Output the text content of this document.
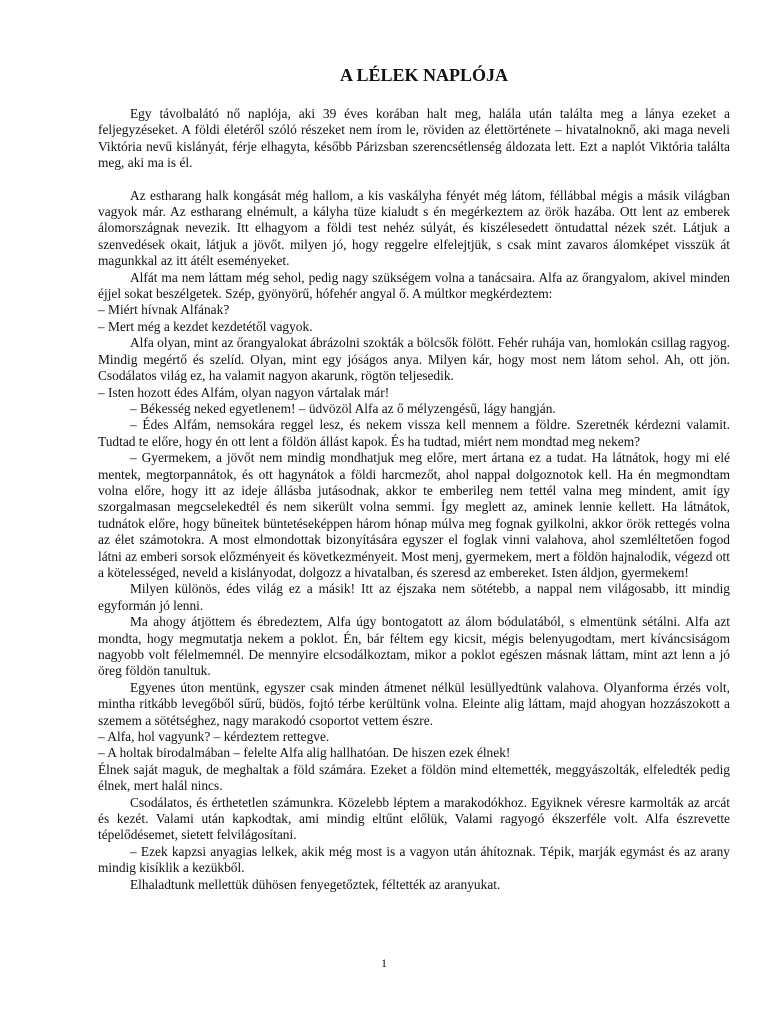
A LÉLEK NAPLÓJA

Egy távolbalátó nő naplója, aki 39 éves korában halt meg, halála után találta meg a lánya ezeket a feljegyzéseket. A földi életéről szóló részeket nem írom le, röviden az élettörténete – hivatalnoknő, aki maga neveli Viktória nevű kislányát, férje elhagyta, később Párizsban szerencsétlenség áldozata lett. Ezt a naplót Viktória találta meg, aki ma is él.

Az estharang halk kongását még hallom, a kis vaskályha fényét még látom, féllábbal mégis a másik világban vagyok már. Az estharang elnémult, a kályha tüze kialudt s én megérkeztem az örök hazába. Ott lent az emberek álomországnak nevezik. Itt elhagyom a földi test nehéz súlyát, és kiszélesedett öntudattal nézek szét. Látjuk a szenvedések okait, látjuk a jövőt. milyen jó, hogy reggelre elfelejtjük, s csak mint zavaros álomképet visszük át magunkkal az itt átélt eseményeket.

Alfát ma nem láttam még sehol, pedig nagy szükségem volna a tanácsaira. Alfa az őrangyalom, akivel minden éjjel sokat beszélgetek. Szép, gyönyörű, hófehér angyal ő. A múltkor megkérdeztem:

– Miért hívnak Alfának?

– Mert még a kezdet kezdetétől vagyok.

Alfa olyan, mint az őrangyalokat ábrázolni szokták a bölcsők fölött. Fehér ruhája van, homlokán csillag ragyog. Mindig megértő és szelíd. Olyan, mint egy jóságos anya. Milyen kár, hogy most nem látom sehol. Ah, ott jön. Csodálatos világ ez, ha valamit nagyon akarunk, rögtön teljesedik.

– Isten hozott édes Alfám, olyan nagyon vártalak már!

– Békesség neked egyetlenem! – üdvözöl Alfa az ő mélyzengésű, lágy hangján.

– Édes Alfám, nemsokára reggel lesz, és nekem vissza kell mennem a földre. Szeretnék kérdezni valamit. Tudtad te előre, hogy én ott lent a földön állást kapok. És ha tudtad, miért nem mondtad meg nekem?

– Gyermekem, a jövőt nem mindig mondhatjuk meg előre, mert ártana ez a tudat. Ha látnátok, hogy mi elé mentek, megtorpannátok, és ott hagynátok a földi harcmezőt, ahol nappal dolgoznotok kell. Ha én megmondtam volna előre, hogy itt az ideje állásba jutásodnak, akkor te emberileg nem tettél valna meg mindent, amit így szorgalmasan megcselekedtél és nem sikerült volna semmi. Így meglett az, aminek lennie kellett. Ha látnátok, tudnátok előre, hogy bűneitek büntetéseképpen három hónap múlva meg fognak gyilkolni, akkor örök rettegés volna az élet számotokra. A most elmondottak bizonyítására egyszer el foglak vinni valahova, ahol szemléltetően fogod látni az emberi sorsok előzményeit és következményeit. Most menj, gyermekem, mert a földön hajnalodik, végezd ott a kötelességed, neveld a kislányodat, dolgozz a hivatalban, és szeresd az embereket. Isten áldjon, gyermekem!

Milyen különös, édes világ ez a másik! Itt az éjszaka nem sötétebb, a nappal nem világosabb, itt mindig egyformán jó lenni.

Ma ahogy átjöttem és ébredeztem, Alfa úgy bontogatott az álom bódulatából, s elmentünk sétálni. Alfa azt mondta, hogy megmutatja nekem a poklot. Én, bár féltem egy kicsit, mégis belenyugodtam, mert kíváncsiságom nagyobb volt félelmemnél. De mennyire elcsodálkoztam, mikor a poklot egészen másnak láttam, mint azt lenn a jó öreg földön tanultuk.

Egyenes úton mentünk, egyszer csak minden átmenet nélkül lesüllyedtünk valahova. Olyanforma érzés volt, mintha ritkább levegőből sűrű, büdös, fojtó térbe kerültünk volna. Eleinte alig láttam, majd ahogyan hozzászokott a szemem a sötétséghez, nagy marakodó csoportot vettem észre.

– Alfa, hol vagyunk? – kérdeztem rettegve.

– A holtak birodalmában – felelte Alfa alig hallhatóan. De hiszen ezek élnek!

Élnek saját maguk, de meghaltak a föld számára. Ezeket a földön mind eltemették, meggyászolták, elfeledték pedig élnek, mert halál nincs.

Csodálatos, és érthetetlen számunkra. Közelebb léptem a marakodókhoz. Egyiknek véresre karmolták az arcát és kezét. Valami után kapkodtak, ami mindig eltűnt előlük, Valami ragyogó ékszerféle volt. Alfa észrevette tépelődésemet, sietett felvilágosítani.

– Ezek kapzsi anyagias lelkek, akik még most is a vagyon után áhítoznak. Tépik, marják egymást és az arany mindig kisíklik a kezükből.

Elhaladtunk mellettük dühösen fenyegetőztek, féltették az aranyukat.

1
